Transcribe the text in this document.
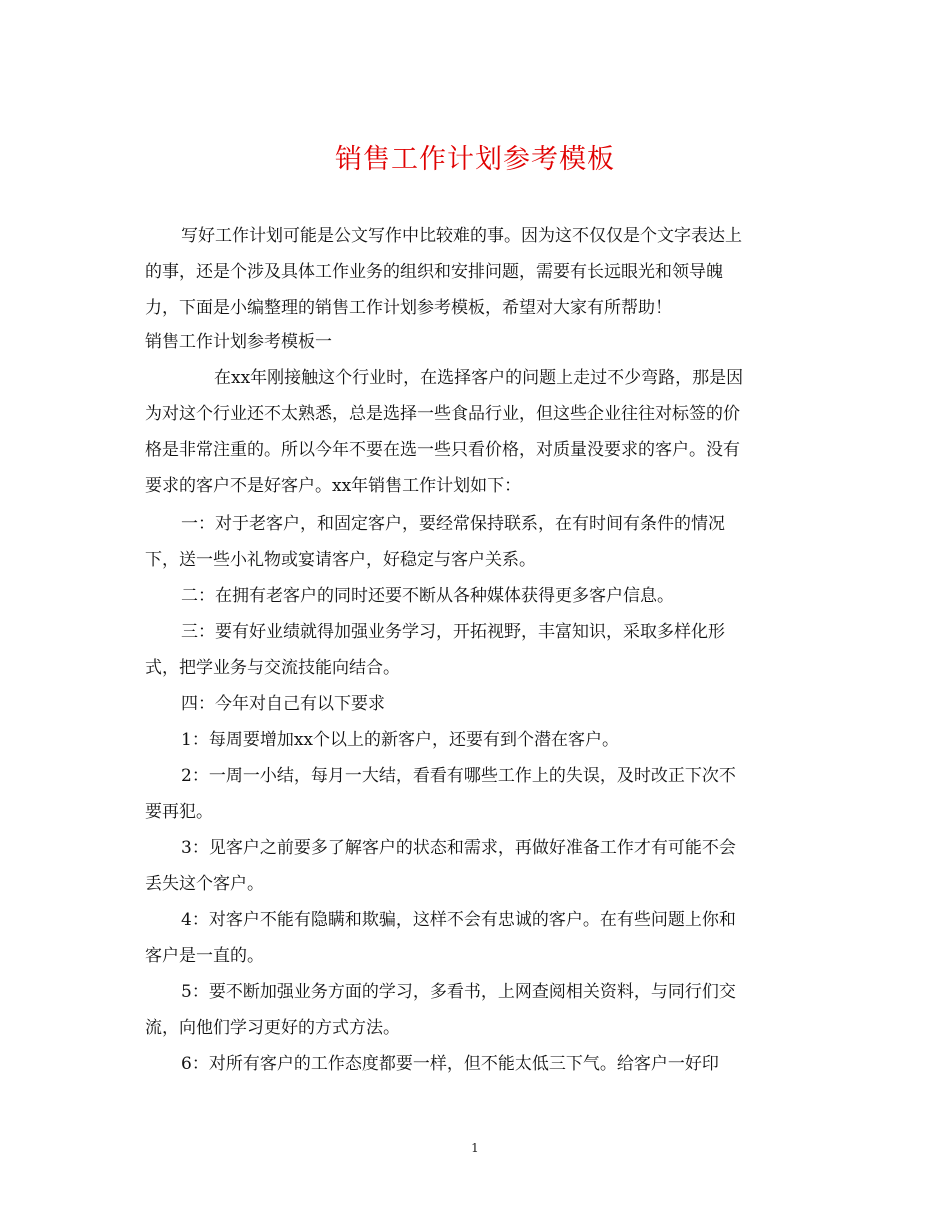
销售工作计划参考模板
写好工作计划可能是公文写作中比较难的事。因为这不仅仅是个文字表达上
的事，还是个涉及具体工作业务的组织和安排问题，需要有长远眼光和领导魄
力，下面是小编整理的销售工作计划参考模板，希望对大家有所帮助！
销售工作计划参考模板一
在xx年刚接触这个行业时，在选择客户的问题上走过不少弯路，那是因
为对这个行业还不太熟悉，总是选择一些食品行业，但这些企业往往对标签的价
格是非常注重的。所以今年不要在选一些只看价格，对质量没要求的客户。没有
要求的客户不是好客户。xx年销售工作计划如下：
一：对于老客户，和固定客户，要经常保持联系，在有时间有条件的情况
下，送一些小礼物或宴请客户，好稳定与客户关系。
二：在拥有老客户的同时还要不断从各种媒体获得更多客户信息。
三：要有好业绩就得加强业务学习，开拓视野，丰富知识，采取多样化形
式，把学业务与交流技能向结合。
四：今年对自己有以下要求
1：每周要增加xx个以上的新客户，还要有到个潜在客户。
2：一周一小结，每月一大结，看看有哪些工作上的失误，及时改正下次不
要再犯。
3：见客户之前要多了解客户的状态和需求，再做好准备工作才有可能不会
丢失这个客户。
4：对客户不能有隐瞒和欺骗，这样不会有忠诚的客户。在有些问题上你和
客户是一直的。
5：要不断加强业务方面的学习，多看书，上网查阅相关资料，与同行们交
流，向他们学习更好的方式方法。
6：对所有客户的工作态度都要一样，但不能太低三下气。给客户一好印
1
